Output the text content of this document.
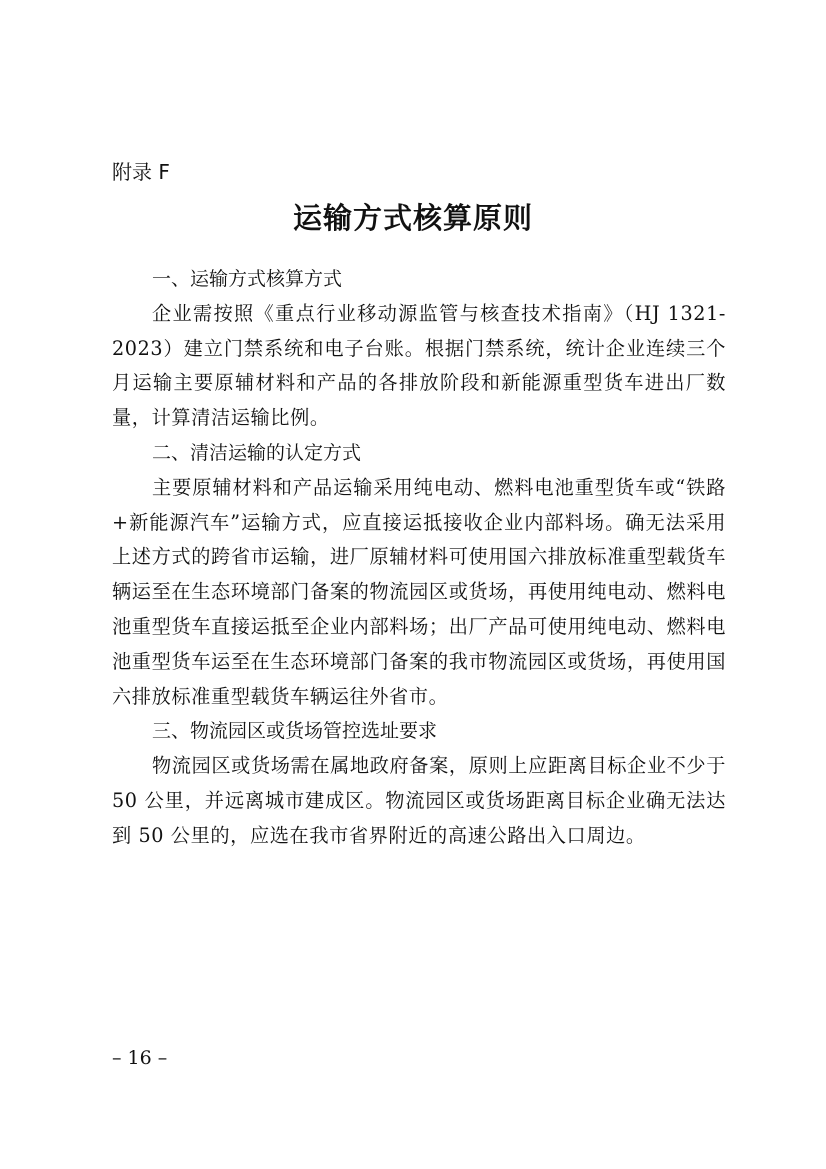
附录 F
运输方式核算原则
一、运输方式核算方式

企业需按照《重点行业移动源监管与核查技术指南》（HJ 1321-2023）建立门禁系统和电子台账。根据门禁系统，统计企业连续三个月运输主要原辅材料和产品的各排放阶段和新能源重型货车进出厂数量，计算清洁运输比例。

二、清洁运输的认定方式

主要原辅材料和产品运输采用纯电动、燃料电池重型货车或“铁路+新能源汽车”运输方式，应直接运抵接收企业内部料场。确无法采用上述方式的跨省市运输，进厂原辅材料可使用国六排放标准重型载货车辆运至在生态环境部门备案的物流园区或货场，再使用纯电动、燃料电池重型货车直接运抵至企业内部料场；出厂产品可使用纯电动、燃料电池重型货车运至在生态环境部门备案的我市物流园区或货场，再使用国六排放标准重型载货车辆运往外省市。

三、物流园区或货场管控选址要求

物流园区或货场需在属地政府备案，原则上应距离目标企业不少于 50 公里，并远离城市建成区。物流园区或货场距离目标企业确无法达到 50 公里的，应选在我市省界附近的高速公路出入口周边。

– 16 –
